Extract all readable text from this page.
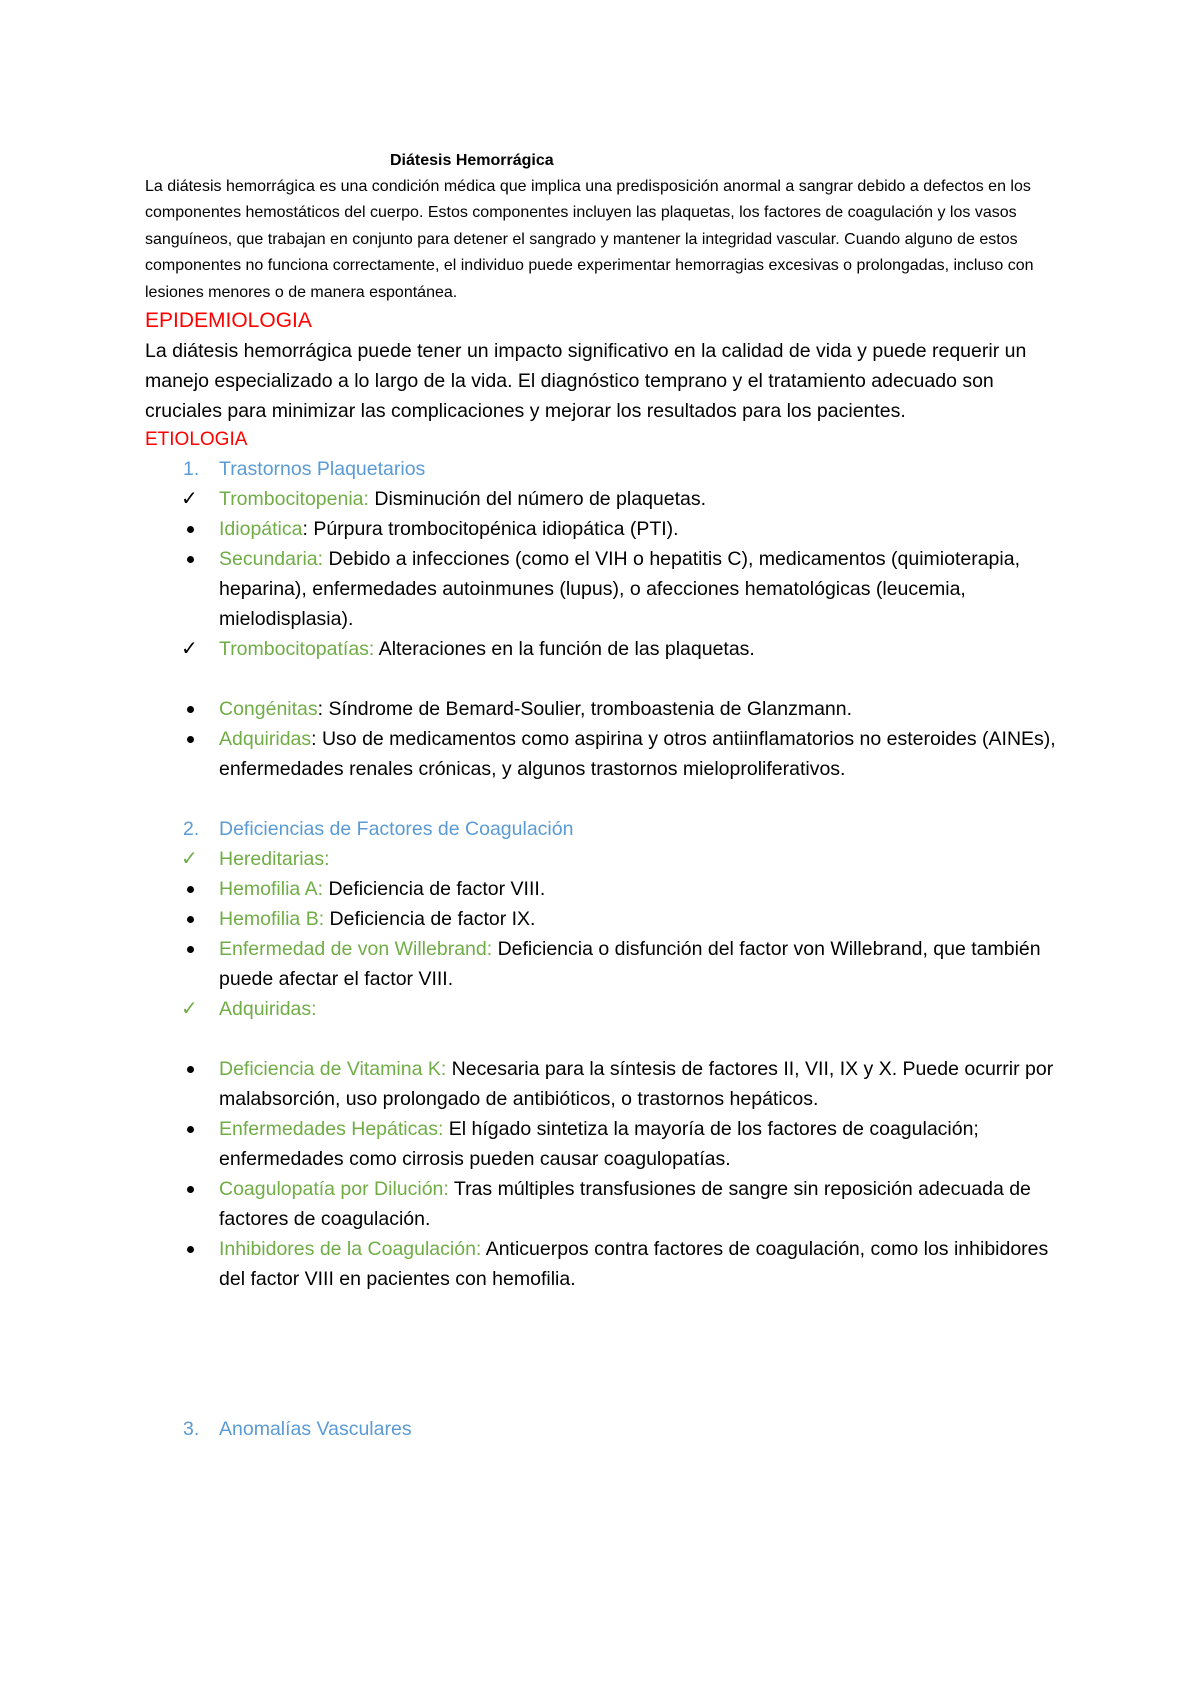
Diátesis Hemorrágica

La diátesis hemorrágica es una condición médica que implica una predisposición anormal a sangrar debido a defectos en los componentes hemostáticos del cuerpo. Estos componentes incluyen las plaquetas, los factores de coagulación y los vasos sanguíneos, que trabajan en conjunto para detener el sangrado y mantener la integridad vascular. Cuando alguno de estos componentes no funciona correctamente, el individuo puede experimentar hemorragias excesivas o prolongadas, incluso con lesiones menores o de manera espontánea.

EPIDEMIOLOGIA

La diátesis hemorrágica puede tener un impacto significativo en la calidad de vida y puede requerir un manejo especializado a lo largo de la vida. El diagnóstico temprano y el tratamiento adecuado son cruciales para minimizar las complicaciones y mejorar los resultados para los pacientes.

ETIOLOGIA

1.	Trastornos Plaquetarios
✓ Trombocitopenia: Disminución del número de plaquetas.
Idiopática: Púrpura trombocitopénica idiopática (PTI).
Secundaria: Debido a infecciones (como el VIH o hepatitis C), medicamentos (quimioterapia, heparina), enfermedades autoinmunes (lupus), o afecciones hematológicas (leucemia, mielodisplasia).
✓ Trombocitopatías: Alteraciones en la función de las plaquetas.
Congénitas: Síndrome de Bemard-Soulier, tromboastenia de Glanzmann.
Adquiridas: Uso de medicamentos como aspirina y otros antiinflamatorios no esteroides (AINEs), enfermedades renales crónicas, y algunos trastornos mieloproliferativos.
2.	Deficiencias de Factores de Coagulación
✓ Hereditarias:
Hemofilia A: Deficiencia de factor VIII.
Hemofilia B: Deficiencia de factor IX.
Enfermedad de von Willebrand: Deficiencia o disfunción del factor von Willebrand, que también puede afectar el factor VIII.
✓ Adquiridas:
Deficiencia de Vitamina K: Necesaria para la síntesis de factores II, VII, IX y X. Puede ocurrir por malabsorción, uso prolongado de antibióticos, o trastornos hepáticos.
Enfermedades Hepáticas: El hígado sintetiza la mayoría de los factores de coagulación; enfermedades como cirrosis pueden causar coagulopatías.
Coagulopatía por Dilución: Tras múltiples transfusiones de sangre sin reposición adecuada de factores de coagulación.
Inhibidores de la Coagulación: Anticuerpos contra factores de coagulación, como los inhibidores del factor VIII en pacientes con hemofilia.
3.	Anomalías Vasculares
